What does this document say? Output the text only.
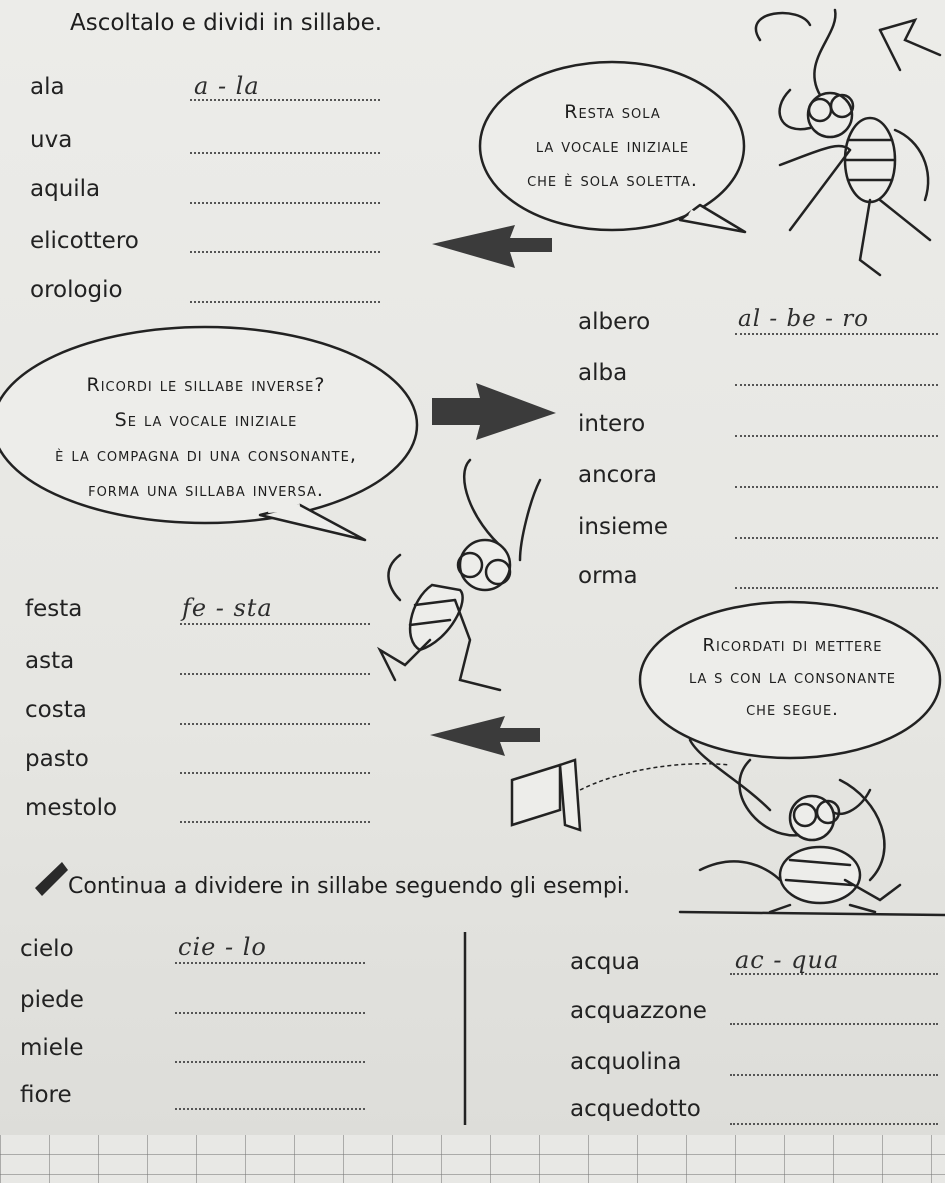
Ascoltalo e dividi in sillabe.
ala	a - la
uva
aquila
elicottero
orologio
Resta sola
la vocale iniziale
che è sola soletta.
Ricordi le sillabe inverse?
Se la vocale iniziale
è la compagna di una consonante,
forma una sillaba inversa.
albero	al - be - ro
alba
intero
ancora
insieme
orma
festa	fe - sta
asta
costa
pasto
mestolo
Ricordati di mettere
la s con la consonante
che segue.
Continua a dividere in sillabe seguendo gli esempi.
cielo	cie - lo
piede
miele
fiore
acqua	ac - qua
acquazzone
acquolina
acquedotto
